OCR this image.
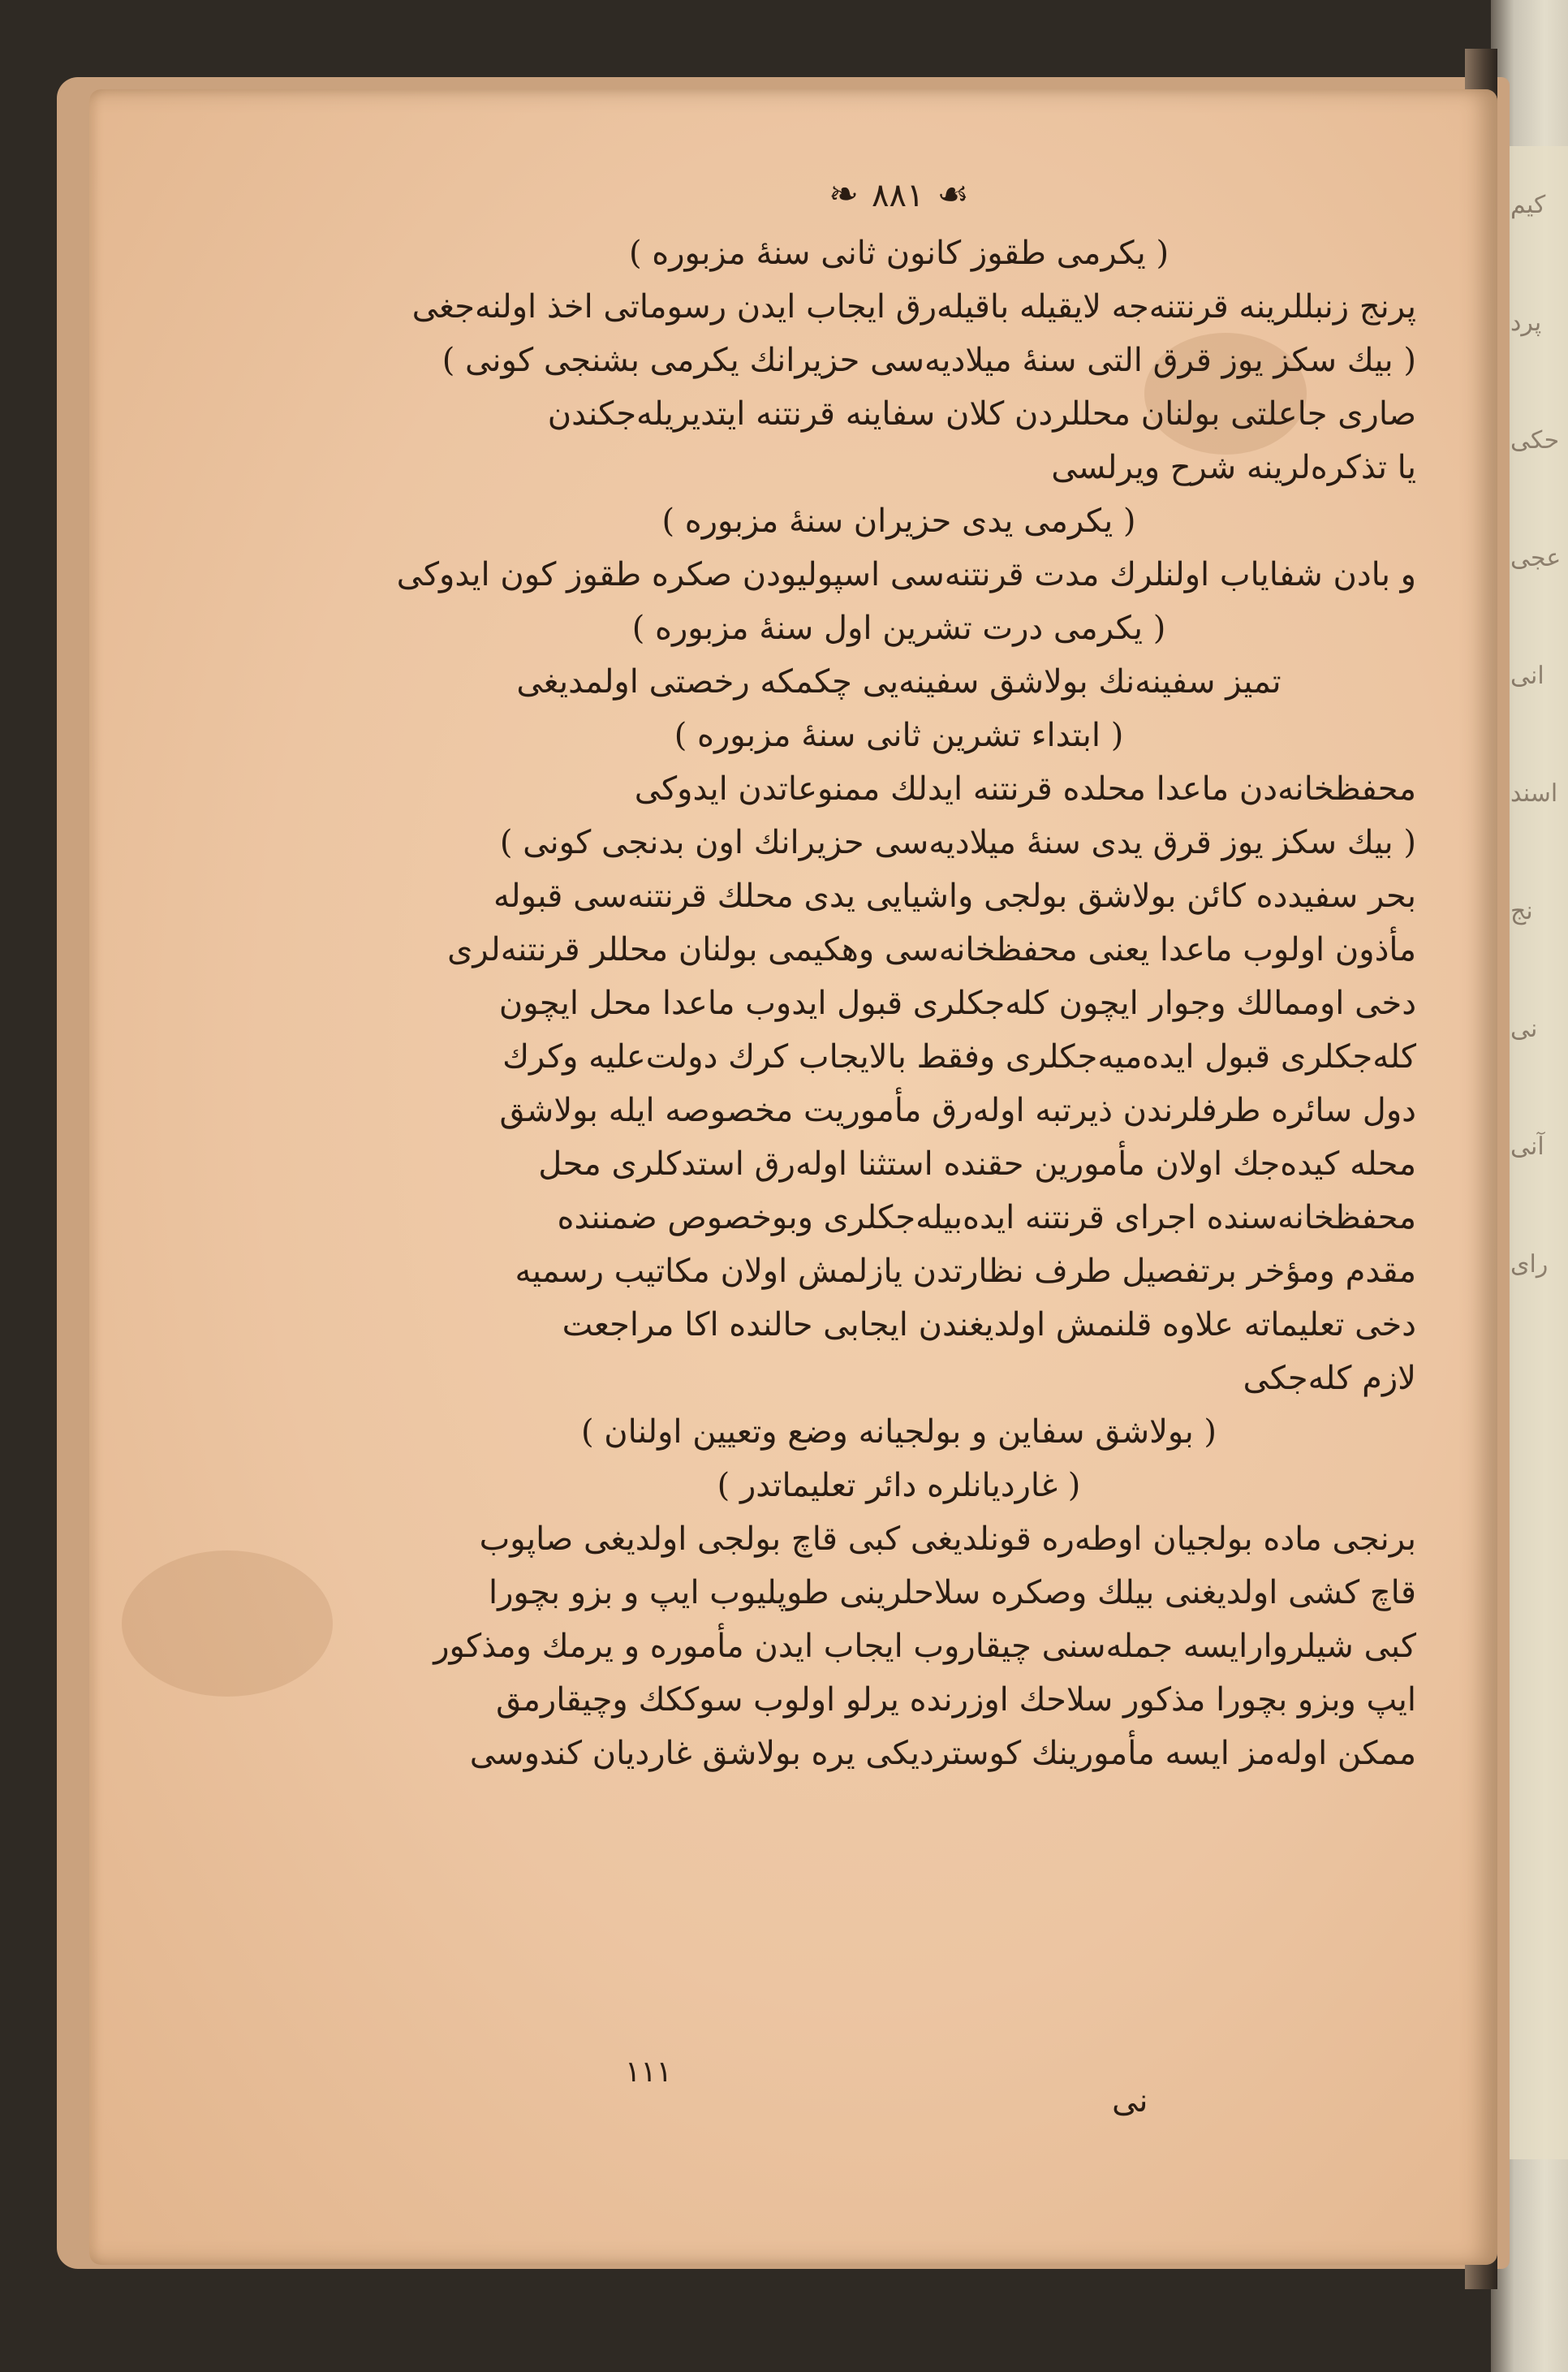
کیم
پرد
حکی
عجی
انی
اسند
نج
نی
آنی
رای
❧ ٨٨١ ☙
( یکرمی طقوز کانون ثانی سنهٔ مزبوره )
پرنج زنبللرینه قرنتنه‌جه لایقیله باقیله‌رق ایجاب ایدن رسوماتی اخذ اولنه‌جغی
( بیك سکز یوز قرق التی سنهٔ میلادیه‌سی حزیرانك یکرمی بشنجی کونی )
صاری جاعلتی بولنان محللردن کلان سفاینه قرنتنه ایتدیریله‌جکندن
یا تذکره‌لرینه شرح ویرلسی
( یکرمی یدی حزیران سنهٔ مزبوره )
و بادن شفایاب اولنلرك مدت قرنتنه‌سی اسپولیودن صکره طقوز کون ایدوکی
( یکرمی درت تشرین اول سنهٔ مزبوره )
تمیز سفینه‌نك بولاشق سفینه‌یی چکمکه رخصتی اولمدیغی
( ابتداء تشرین ثانی سنهٔ مزبوره )
محفظخانه‌دن ماعدا محلده قرنتنه ایدلك ممنوعاتدن ایدوکی
( بیك سکز یوز قرق یدی سنهٔ میلادیه‌سی حزیرانك اون بدنجی کونی )
بحر سفیدده کائن بولاشق بولجی واشیایی یدی محلك قرنتنه‌سی قبوله
مأذون اولوب ماعدا یعنی محفظخانه‌سی وهکیمی بولنان محللر قرنتنه‌لری
دخی اوممالك وجوار ایچون کله‌جکلری قبول ایدوب ماعدا محل ایچون
کله‌جکلری قبول ایده‌میه‌جکلری وفقط بالایجاب کرك دولت‌علیه وکرك
دول سائره طرفلرندن ذیرتبه اوله‌رق مأموریت مخصوصه ایله بولاشق
محله کیده‌جك اولان مأمورین حقنده استثنا اوله‌رق استدکلری محل
محفظخانه‌سنده اجرای قرنتنه ایده‌بیله‌جکلری وبوخصوص ضمننده
مقدم ومؤخر برتفصیل طرف نظارتدن یازلمش اولان مکاتیب رسمیه
دخی تعلیماته علاوه قلنمش اولدیغندن ایجابی حالنده اکا مراجعت
لازم کله‌جکی
( بولاشق سفاین و بولجیانه وضع وتعیین اولنان )
( غاردیانلره دائر تعلیماتدر )
برنجی ماده بولجیان اوطه‌ره قونلدیغی کبی قاچ بولجی اولدیغی صاپوب
قاچ کشی اولدیغنی بیلك وصکره سلاحلرینی طوپلیوب ایپ و بزو بچورا
کبی شیلروارایسه جمله‌سنی چیقاروب ایجاب ایدن مأموره و یرمك ومذکور
ایپ وبزو بچورا مذکور سلاحك اوزرنده یرلو اولوب سوککك وچیقارمق
ممکن اوله‌مز ایسه مأمورینك کوستردیکی یره بولاشق غاردیان کندوسی
١١١
نی
